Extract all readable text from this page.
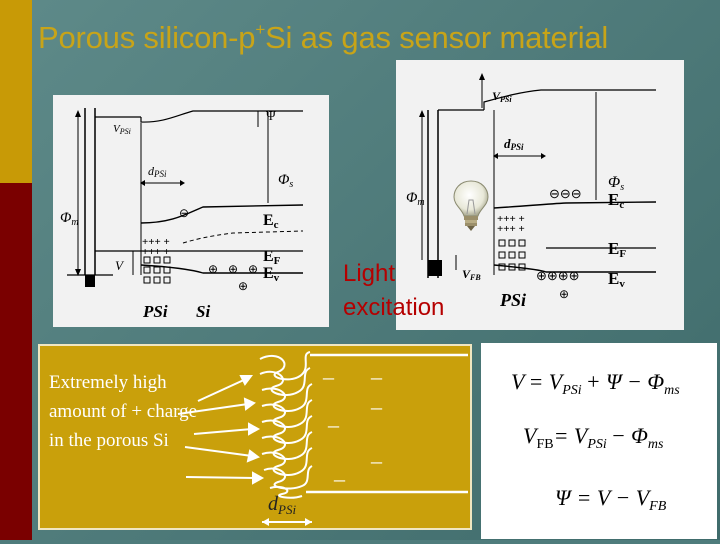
Porous silicon-p+Si as gas sensor material
$\Phi_m$
VPSi
Ψ
dPSi	$\Phi_s$
Ec
⊖
+++ +
+++ +	EF
V	Ev
⊕ ⊕ ⊕
⊕
PSi Si
$\Phi_m$
VPSi
dPSi
Φs
⊖⊖⊖ Ec
+++ +
+++ +
EF
VFB	⊕⊕⊕⊕ Ev
⊕
PSi
Light
excitation
Extremely high amount of + charge in the porous Si
– –
–
–
–
–
$d_{PSi}$
$V = V_{PSi} + \Psi - \Phi_{ms}$
$V_{FB}= V_{PSi} - \Phi_{ms}$
$\Psi = V - V_{FB}$
